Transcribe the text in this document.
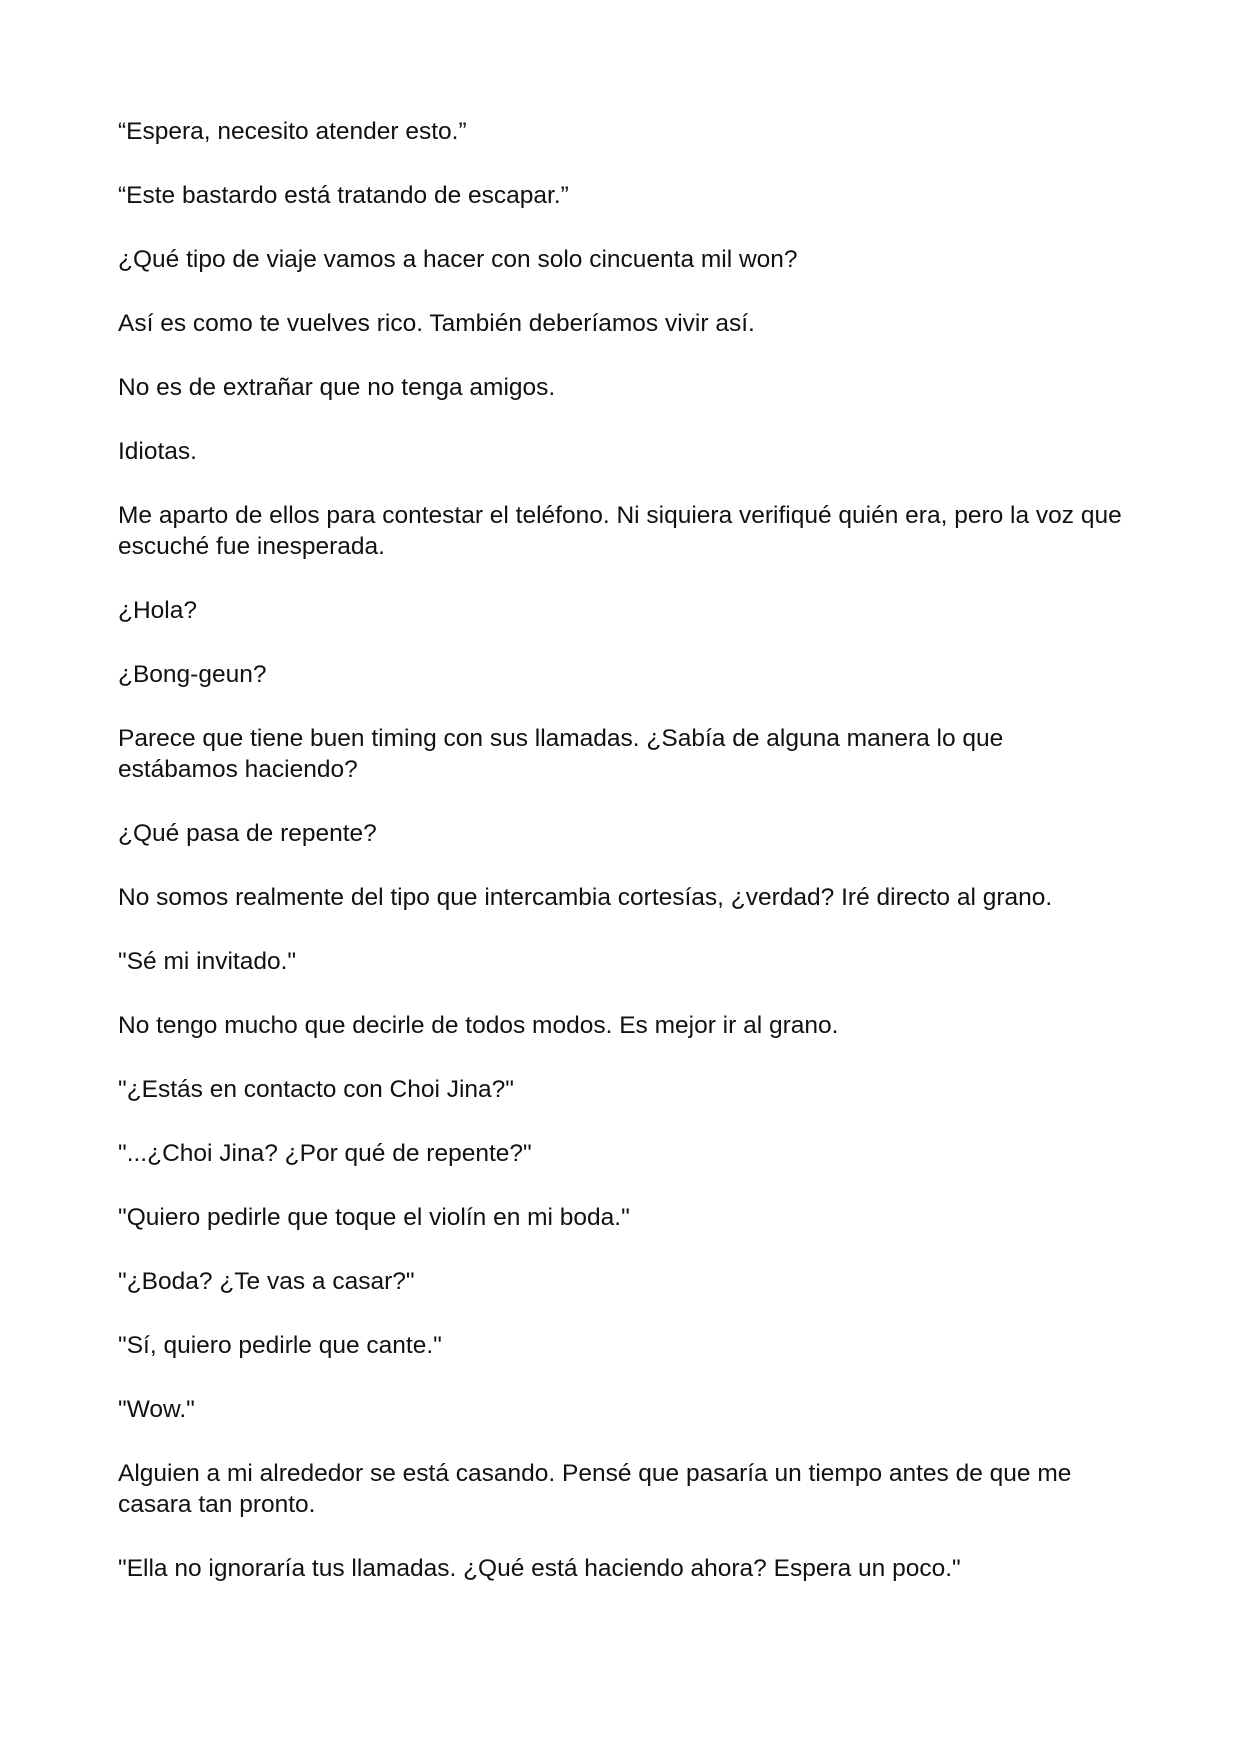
“Espera, necesito atender esto.”

“Este bastardo está tratando de escapar.”

¿Qué tipo de viaje vamos a hacer con solo cincuenta mil won?

Así es como te vuelves rico. También deberíamos vivir así.

No es de extrañar que no tenga amigos.

Idiotas.

Me aparto de ellos para contestar el teléfono. Ni siquiera verifiqué quién era, pero la voz que escuché fue inesperada.

¿Hola?

¿Bong-geun?

Parece que tiene buen timing con sus llamadas. ¿Sabía de alguna manera lo que estábamos haciendo?

¿Qué pasa de repente?

No somos realmente del tipo que intercambia cortesías, ¿verdad? Iré directo al grano.

"Sé mi invitado."

No tengo mucho que decirle de todos modos. Es mejor ir al grano.

"¿Estás en contacto con Choi Jina?"

"...¿Choi Jina? ¿Por qué de repente?"

"Quiero pedirle que toque el violín en mi boda."

"¿Boda? ¿Te vas a casar?"

"Sí, quiero pedirle que cante."

"Wow."

Alguien a mi alrededor se está casando. Pensé que pasaría un tiempo antes de que me casara tan pronto.

"Ella no ignoraría tus llamadas. ¿Qué está haciendo ahora? Espera un poco."
